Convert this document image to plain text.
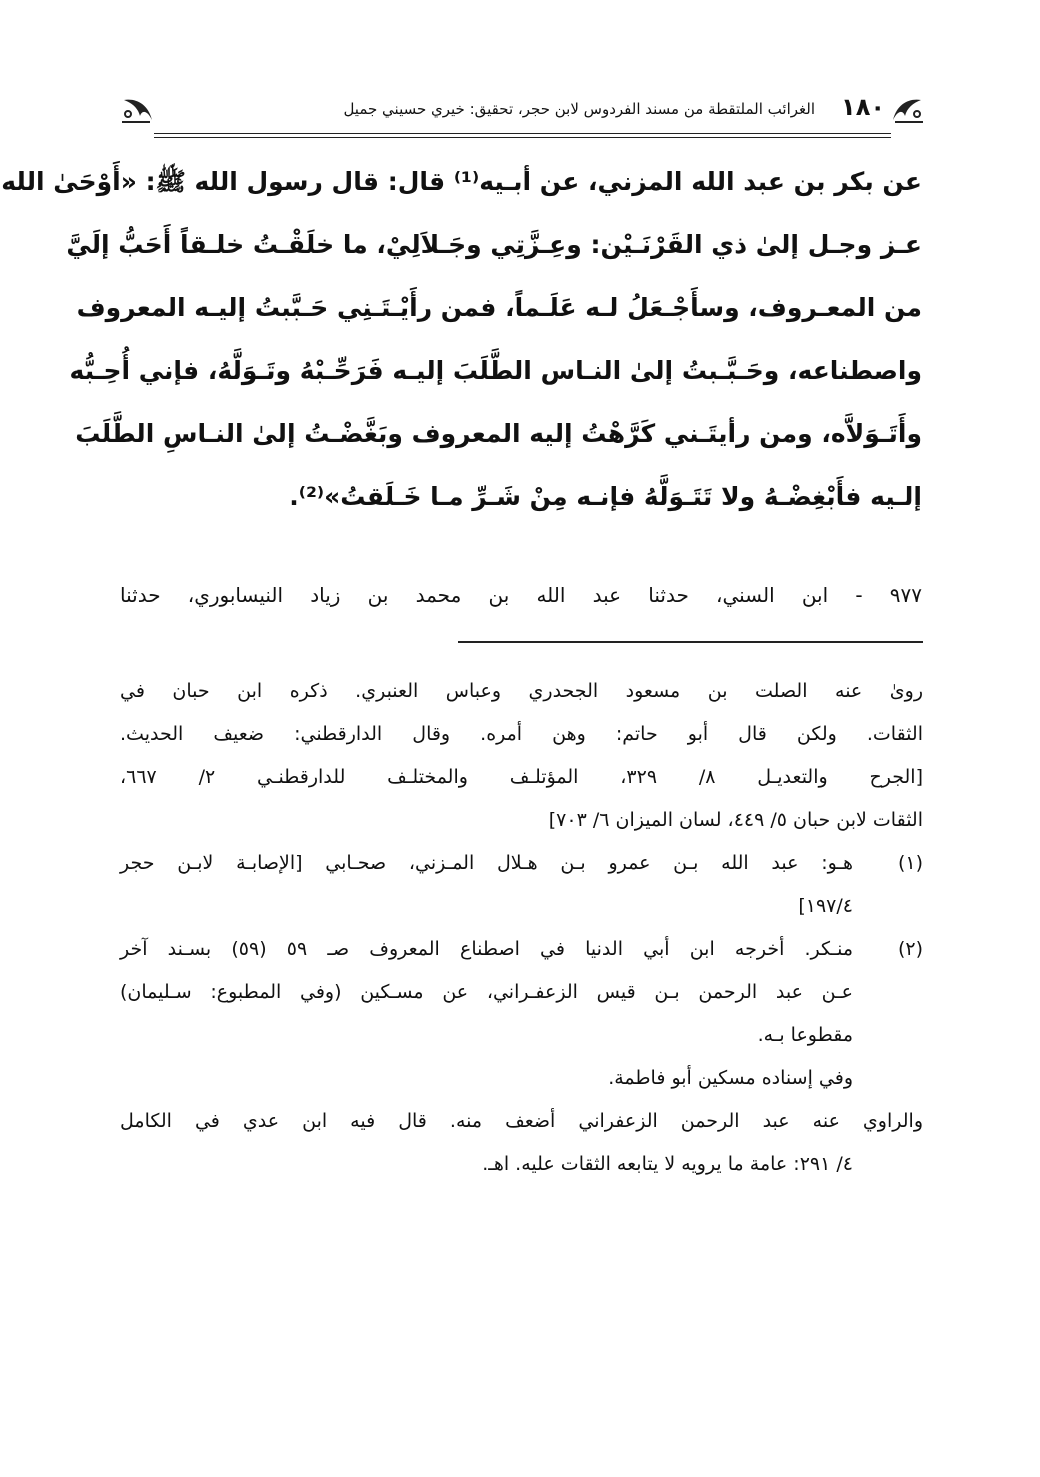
١٨٠
الغرائب الملتقطة من مسند الفردوس لابن حجر، تحقيق: خيري حسيني جميل
عن بكر بن عبد الله المزني، عن أبـيه⁽¹⁾ قال: قال رسول الله ﷺ: «أَوْحَىٰ الله
عـز وجـل إلىٰ ذي القَرْنَـيْن: وعِـزَّتِي وجَـلاَلِيْ، ما خلَقْـتُ خلـقاً أَحَبُّ إلَيَّ
من المعـروف، وسأَجْـعَلُ لـه عَلَـماً، فمن رأَيْـتَـنِي حَـبَّبتُ إليـه المعروف
واصطناعه، وحَـبَّـبتُ إلىٰ النـاس الطَّلَبَ إليـه فَرَحِّـبْهُ وتَـوَلَّهُ، فإني أُحِـبُّه
وأَتَـوَلاَّه، ومن رأيتَـني كَرَّهْتُ إليه المعروف وبَغَّضْـتُ إلىٰ النـاسِ الطَّلَبَ
إلـيه فأَبْغِضْـهُ ولا تَتَـوَلَّهُ فإنـه مِنْ شَـرِّ مـا خَـلَقتُ»⁽²⁾.
٩٧٧ - ابن السني، حدثنا عبد الله بن محمد بن زياد النيسابوري، حدثنا
رویٰ عنه الصلت بن مسعود الجحدري وعباس العنبري. ذكره ابن حبان في
الثقات. ولكن قال أبو حاتم: وهن أمره. وقال الدارقطني: ضعيف الحديث.
[الجرح والتعديـل ٨/ ٣٢٩، المؤتلـف والمختلـف للدارقطنـي ٢/ ٦٦٧،
الثقات لابن حبان ٥/ ٤٤٩، لسان الميزان ٦/ ٧٠٣]
(١)
هـو: عبد الله بـن عمرو بـن هـلال المـزني، صحـابي [الإصابـة لابـن حجر
١٩٧/٤]
(٢)
منـكر. أخرجه ابن أبي الدنيا في اصطناع المعروف صـ ٥٩ (٥٩) بسـند آخر
عـن عبد الرحمن بـن قيس الزعفـراني، عن مسـكين (وفي المطبوع: سـليمان)
مقطوعا بـه.
وفي إسناده مسكين أبو فاطمة.
والراوي عنه عبد الرحمن الزعفراني أضعف منه. قال فيه ابن عدي في الكامل
٤/ ٢٩١: عامة ما يرويه لا يتابعه الثقات عليه. اهـ.
